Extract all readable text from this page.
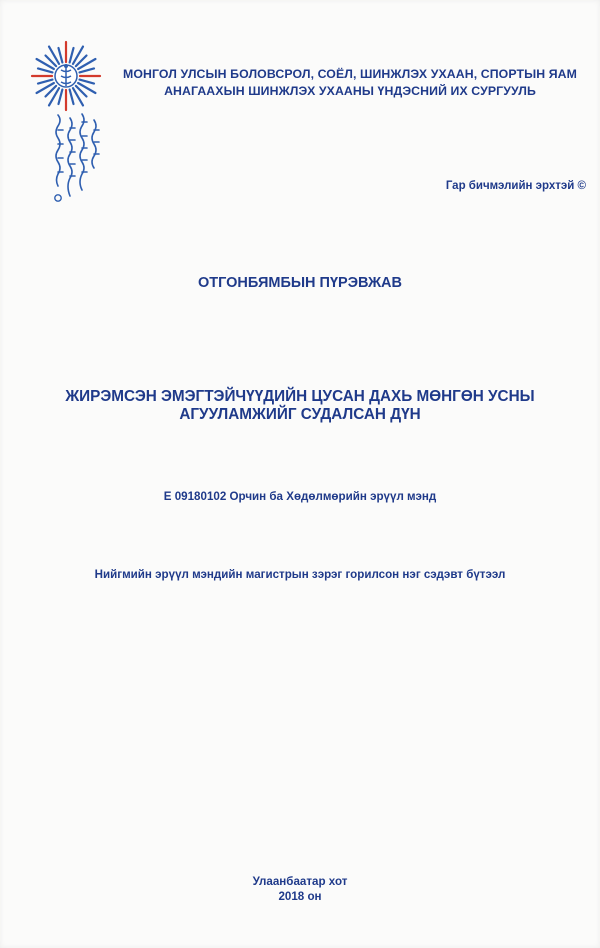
МОНГОЛ УЛСЫН БОЛОВСРОЛ, СОЁЛ, ШИНЖЛЭХ УХААН, СПОРТЫН ЯАМ
АНАГААХЫН ШИНЖЛЭХ УХААНЫ ҮНДЭСНИЙ ИХ СУРГУУЛЬ
Гар бичмэлийн эрхтэй ©
ОТГОНБЯМБЫН ПҮРЭВЖАВ
ЖИРЭМСЭН ЭМЭГТЭЙЧҮҮДИЙН ЦУСАН ДАХЬ МӨНГӨН УСНЫ
АГУУЛАМЖИЙГ СУДАЛСАН ДҮН
Е 09180102 Орчин ба Хөдөлмөрийн эрүүл мэнд
Нийгмийн эрүүл мэндийн магистрын зэрэг горилсон нэг сэдэвт бүтээл
Улаанбаатар хот
2018 он
